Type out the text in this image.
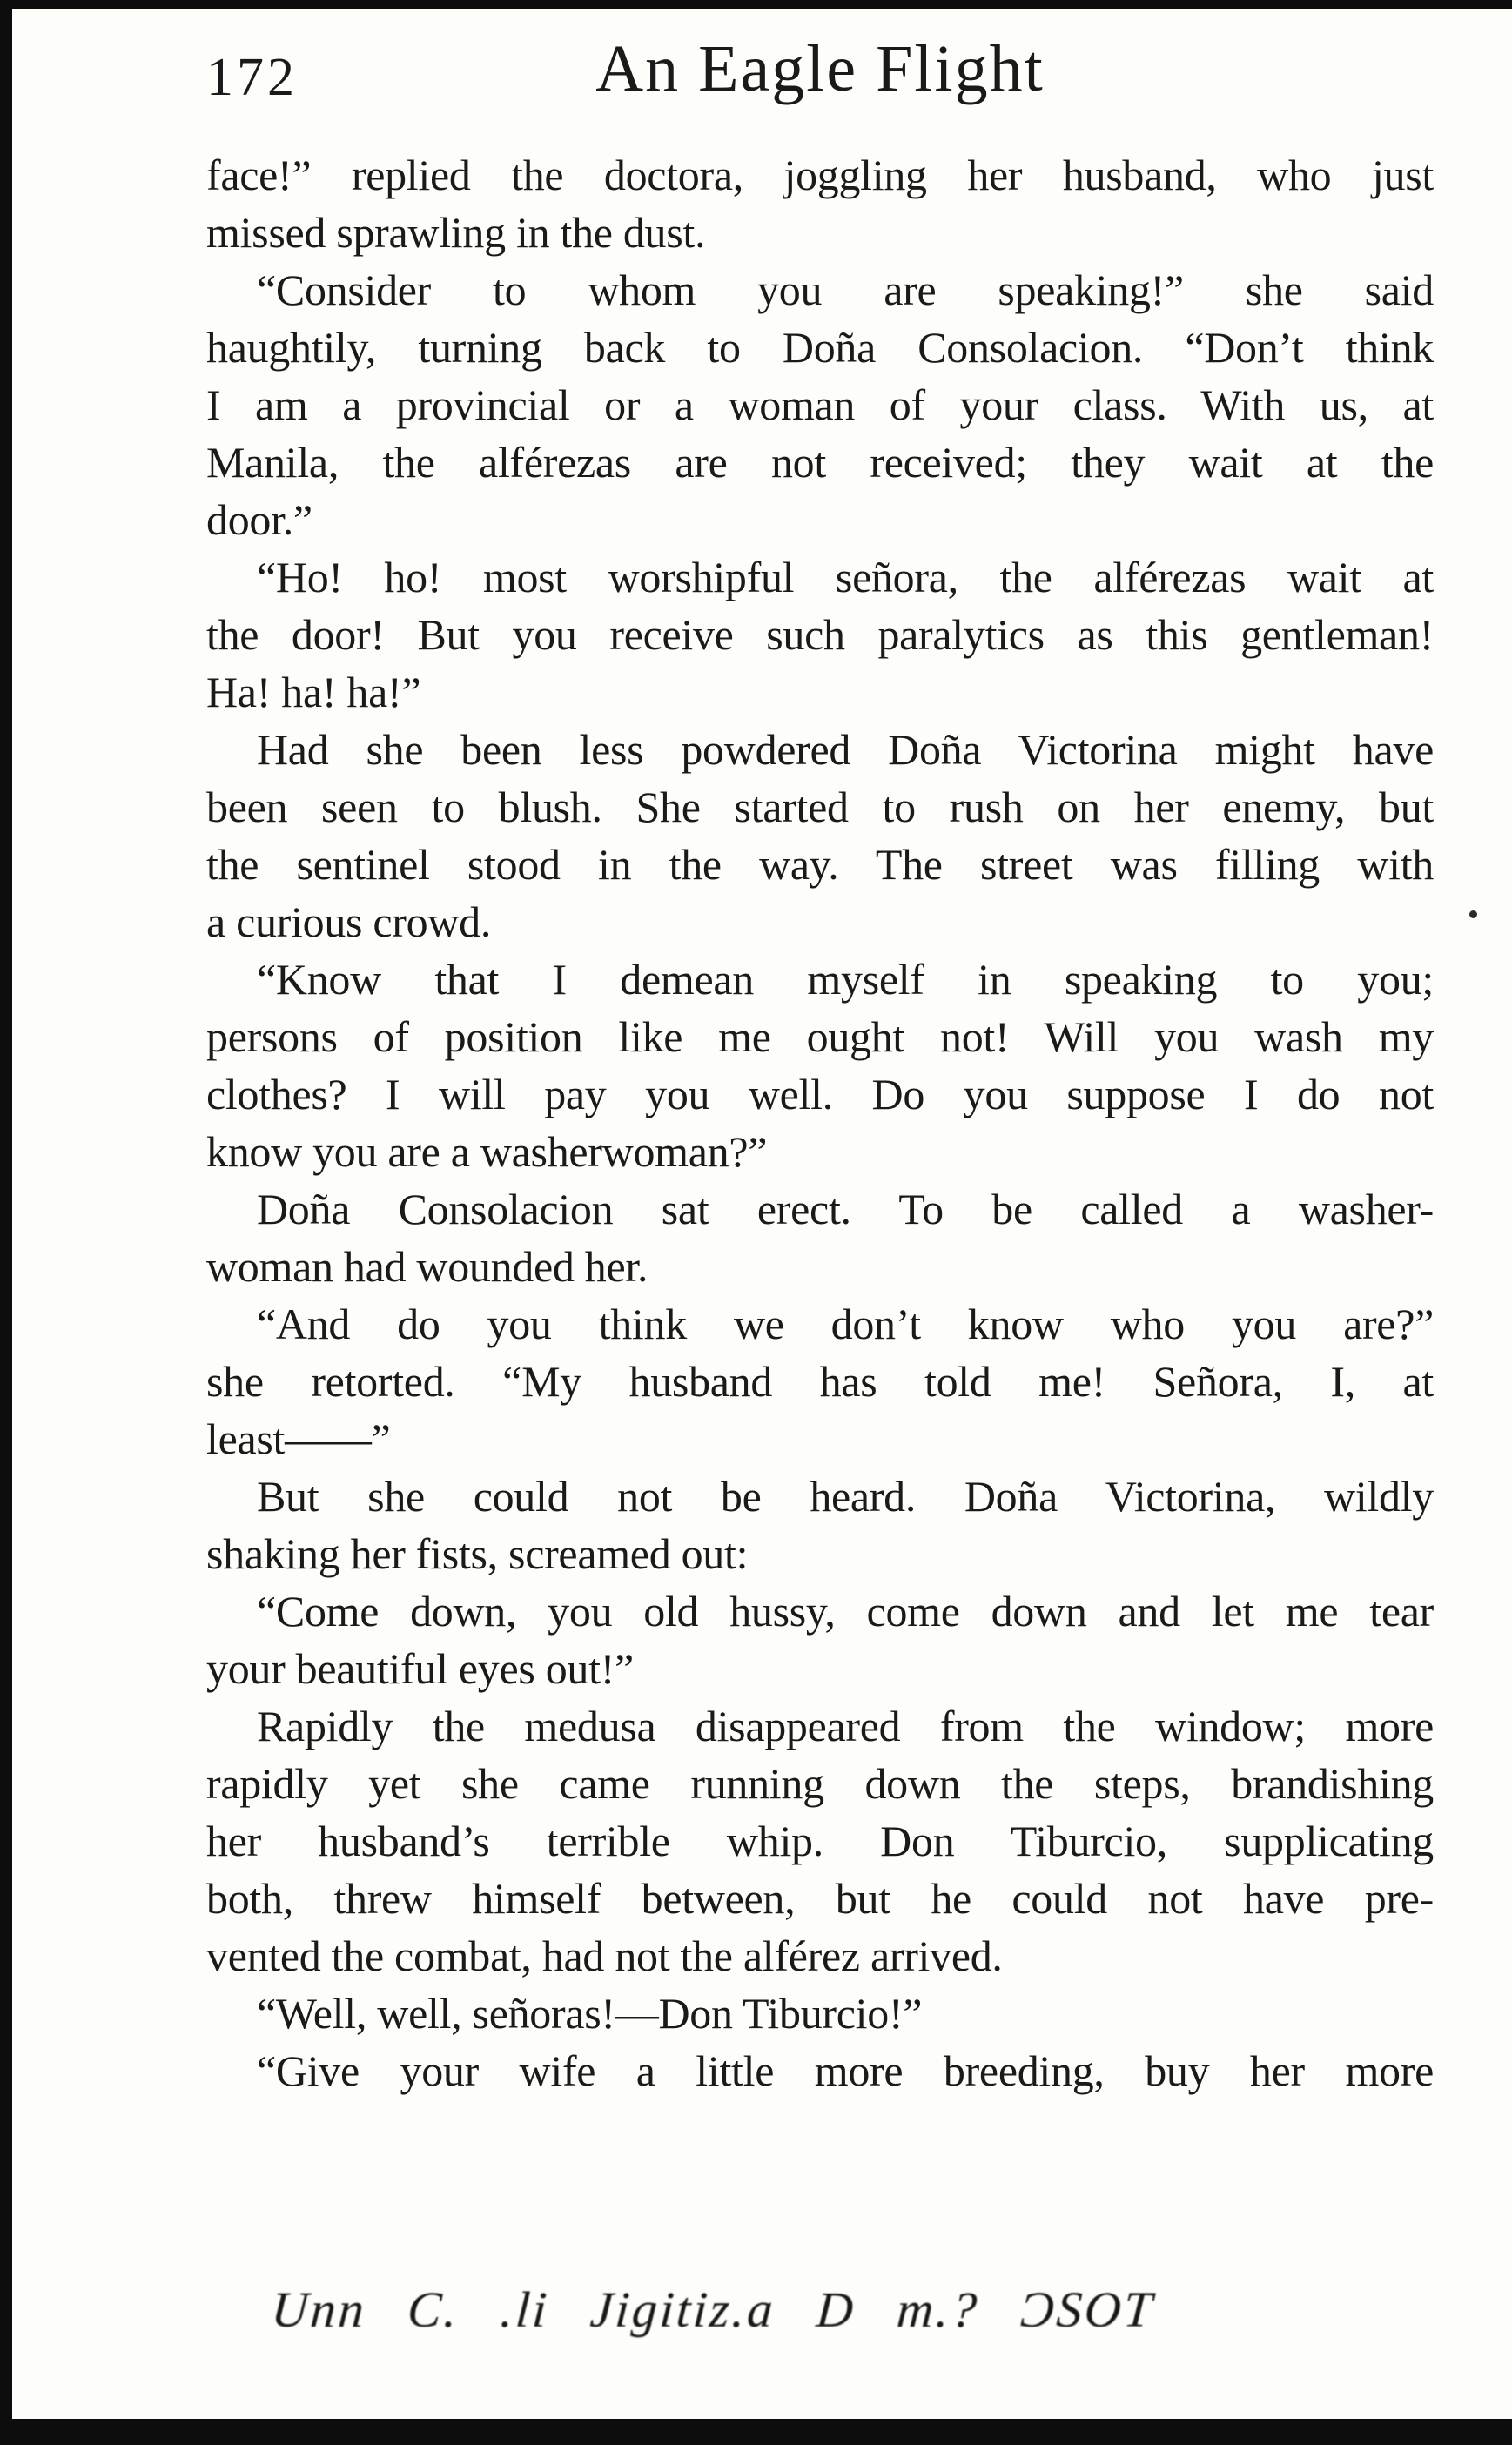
172	An Eagle Flight
face!” replied the doctora, joggling her husband, who just
missed sprawling in the dust.
“Consider to whom you are speaking!” she said
haughtily, turning back to Doña Consolacion. “Don’t think
I am a provincial or a woman of your class. With us, at
Manila, the alférezas are not received; they wait at the
door.”
“Ho! ho! most worshipful señora, the alférezas wait at
the door! But you receive such paralytics as this gentleman!
Ha! ha! ha!”
Had she been less powdered Doña Victorina might have
been seen to blush. She started to rush on her enemy, but
the sentinel stood in the way. The street was filling with
a curious crowd.
“Know that I demean myself in speaking to you;
persons of position like me ought not! Will you wash my
clothes? I will pay you well. Do you suppose I do not
know you are a washerwoman?”
Doña Consolacion sat erect. To be called a washer-
woman had wounded her.
“And do you think we don’t know who you are?”
she retorted. “My husband has told me! Señora, I, at
least——”
But she could not be heard. Doña Victorina, wildly
shaking her fists, screamed out:
“Come down, you old hussy, come down and let me tear
your beautiful eyes out!”
Rapidly the medusa disappeared from the window; more
rapidly yet she came running down the steps, brandishing
her husband’s terrible whip. Don Tiburcio, supplicating
both, threw himself between, but he could not have pre-
vented the combat, had not the alférez arrived.
“Well, well, señoras!—Don Tiburcio!”
“Give your wife a little more breeding, buy her more
Unn C. .li Jigitiz.a D m.? ƆSOT
